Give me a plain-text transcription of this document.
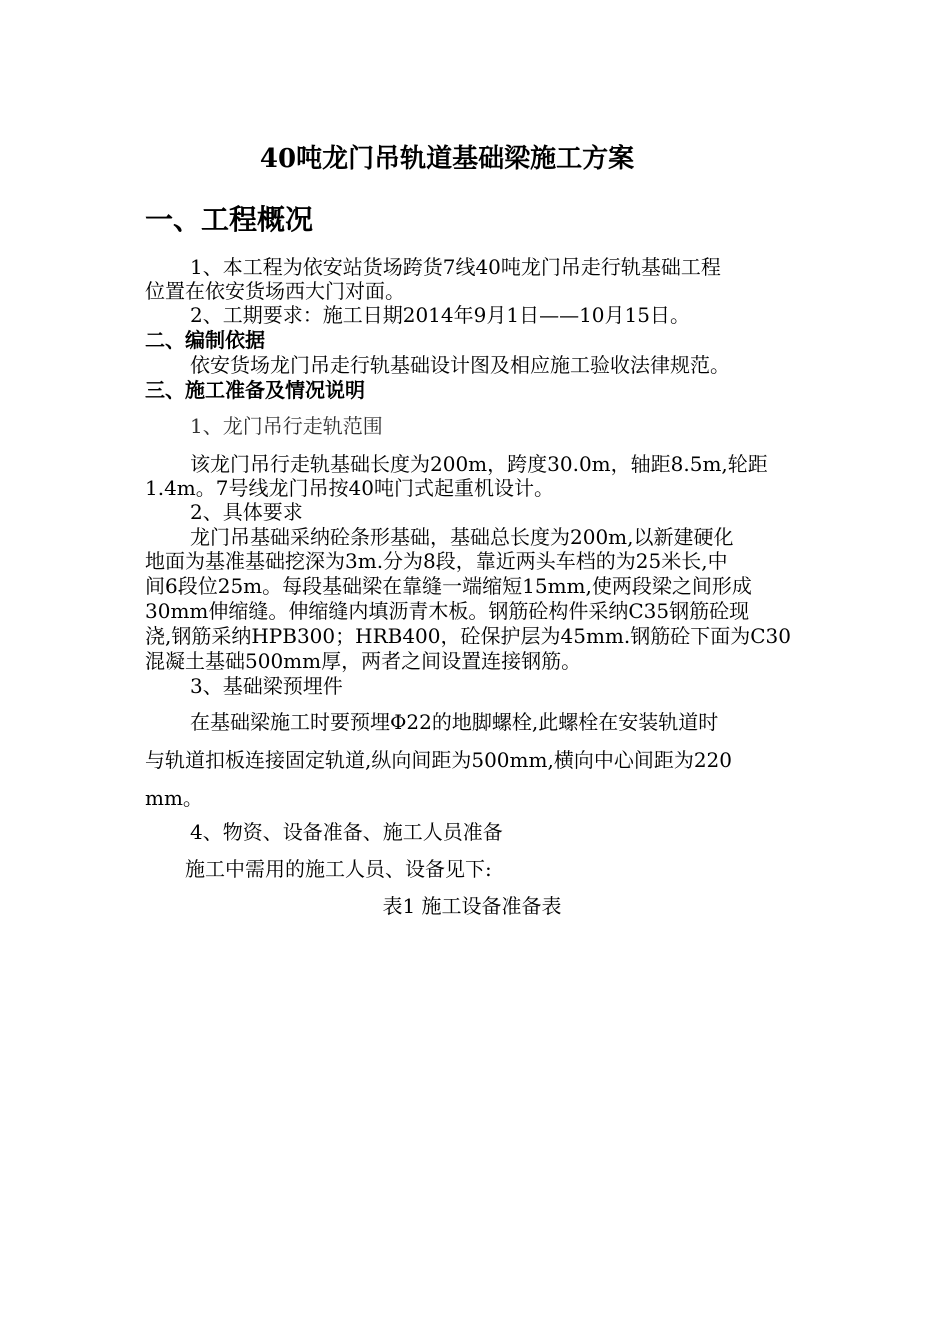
40吨龙门吊轨道基础梁施工方案
一、工程概况
1、本工程为依安站货场跨货7线40吨龙门吊走行轨基础工程
位置在依安货场西大门对面。
2、工期要求：施工日期2014年9月1日——10月15日。
二、编制依据
依安货场龙门吊走行轨基础设计图及相应施工验收法律规范。
三、施工准备及情况说明
1、龙门吊行走轨范围
该龙门吊行走轨基础长度为200m，跨度30.0m，轴距8.5m,轮距
1.4m。7号线龙门吊按40吨门式起重机设计。
2、具体要求
龙门吊基础采纳砼条形基础，基础总长度为200m,以新建硬化
地面为基准基础挖深为3m.分为8段，靠近两头车档的为25米长,中
间6段位25m。每段基础梁在靠缝一端缩短15mm,使两段梁之间形成
30mm伸缩缝。伸缩缝内填沥青木板。钢筋砼构件采纳C35钢筋砼现
浇,钢筋采纳HPB300；HRB400，砼保护层为45mm.钢筋砼下面为C30
混凝土基础500mm厚，两者之间设置连接钢筋。
3、基础梁预埋件
在基础梁施工时要预埋Φ22的地脚螺栓,此螺栓在安装轨道时
与轨道扣板连接固定轨道,纵向间距为500mm,横向中心间距为220
mm。
4、物资、设备准备、施工人员准备
施工中需用的施工人员、设备见下:
表1 施工设备准备表
